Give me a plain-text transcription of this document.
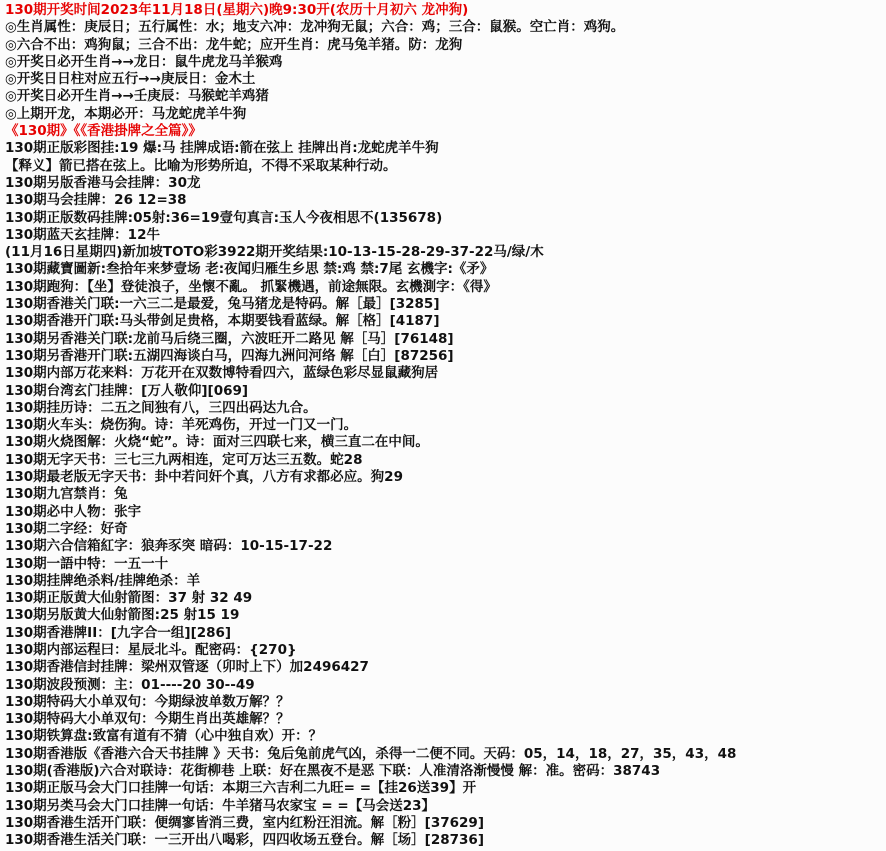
130期开奖时间2023年11月18日(星期六)晚9:30开(农历十月初六 龙冲狗)
◎生肖属性：庚辰日；五行属性：水；地支六冲：龙冲狗无鼠；六合：鸡；三合：鼠猴。空亡肖：鸡狗。
◎六合不出：鸡狗鼠；三合不出：龙牛蛇；应开生肖：虎马兔羊猪。防：龙狗
◎开奖日必开生肖→→龙日：鼠牛虎龙马羊猴鸡
◎开奖日日柱对应五行→→庚辰日：金木土
◎开奖日必开生肖→→壬庚辰：马猴蛇羊鸡猪
◎上期开龙，本期必开：马龙蛇虎羊牛狗
《130期》《《香港掛牌之全篇》》
130期正版彩图挂:19 爆:马 挂牌成语:箭在弦上 挂牌出肖:龙蛇虎羊牛狗
【释义】箭已搭在弦上。比喻为形势所迫，不得不采取某种行动。
130期另版香港马会挂牌：30龙
130期马会挂牌：26 12=38
130期正版数码挂牌:05射:36=19壹句真言:玉人今夜相思不(135678)
130期蓝天玄挂牌：12牛
(11月16日星期四)新加坡TOTO彩3922期开奖结果:10-13-15-28-29-37-22马/绿/木
130期藏寶圖新:叁拾年来梦壹场 老:夜闻归雁生乡思 禁:鸡 禁:7尾 玄機字:《矛》
130期跑狗：【坐】登徒浪子，坐懷不亂。 抓緊機遇，前途無限。玄機測字：《得》
130期香港关门联:一六三二是最爱，兔马猪龙是特码。解［最］[3285]
130期香港开门联:马头带剑足贵格，本期要钱看蓝绿。解［格］[4187]
130期另香港关门联:龙前马后绕三圈，六波旺开二路见 解［马］[76148]
130期另香港开门联:五湖四海谈白马，四海九洲问河络 解［白］[87256]
130期内部万花来料：万花开在双数博特看四六，蓝绿色彩尽显鼠藏狗居
130期台湾玄门挂牌：[万人敬仰][069]
130期挂历诗：二五之间独有八，三四出码达九合。
130期火车头：烧伤狗。诗：羊死鸡伤，开过一门又一门。
130期火烧图解：火烧“蛇”。诗：面对三四联七来，横三直二在中间。
130期无字天书：三七三九两相连，定可万达三五数。蛇28
130期最老版无字天书：卦中若问奸个真，八方有求都必应。狗29
130期九宫禁肖：兔
130期必中人物：张宇
130期二字经：好奇
130期六合信箱紅字：狼奔豕突 暗码：10-15-17-22
130期一語中特：一五一十
130期挂牌绝杀料/挂牌绝杀：羊
130期正版黄大仙射箭图：37 射 32 49
130期另版黄大仙射箭图:25 射15 19
130期香港牌II：[九字合一组][286]
130期内部运程曰：星辰北斗。配密码：{270}
130期香港信封挂牌：梁州双管逐（卯时上下）加2496427
130期波段预测：主：01----20 30--49
130期特码大小单双句：今期绿波单数万解？？
130期特码大小单双句：今期生肖出英雄解？？
130期铁算盘:致富有道有不猜（心中独自欢）开：？
130期香港版《香港六合天书挂牌 》天书：兔后兔前虎气凶，杀得一二便不同。天码：05，14，18，27，35，43，48
130期(香港版)六合对联诗：花街柳巷 上联：好在黑夜不是恶 下联：人准清洛渐慢慢 解：准。密码：38743
130期正版马会大门口挂牌一句话：本期三六吉利二九旺= =【挂26送39】开
130期另类马会大门口挂牌一句话：牛羊猪马农家宝 = =【马会送23】
130期香港生活开门联：便绸寥皆消三费，室内红粉汪泪流。解［粉］[37629]
130期香港生活关门联：一三开出八喝彩，四四收场五登台。解［场］[28736]
